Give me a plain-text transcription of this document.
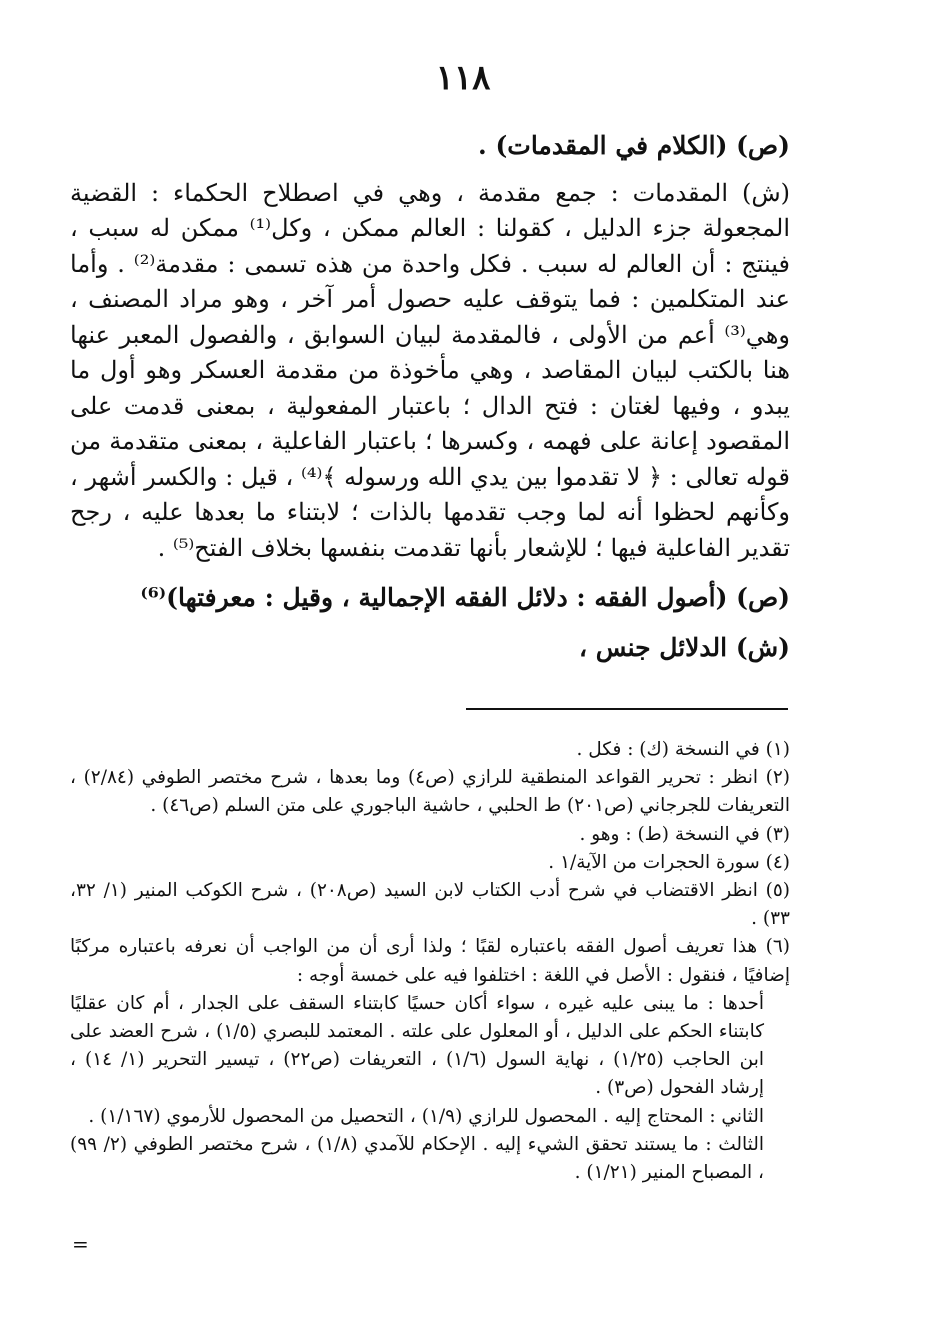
١١٨

(ص) (الكلام في المقدمات) .

(ش) المقدمات : جمع مقدمة ، وهي في اصطلاح الحكماء : القضية المجعولة جزء الدليل ، كقولنا : العالم ممكن ، وكل⁽¹⁾ ممكن له سبب ، فينتج : أن العالم له سبب . فكل واحدة من هذه تسمى : مقدمة⁽²⁾ . وأما عند المتكلمين : فما يتوقف عليه حصول أمر آخر ، وهو مراد المصنف ، وهي⁽³⁾ أعم من الأولى ، فالمقدمة لبيان السوابق ، والفصول المعبر عنها هنا بالكتب لبيان المقاصد ، وهي مأخوذة من مقدمة العسكر وهو أول ما يبدو ، وفيها لغتان : فتح الدال ؛ باعتبار المفعولية ، بمعنى قدمت على المقصود إعانة على فهمه ، وكسرها ؛ باعتبار الفاعلية ، بمعنى متقدمة من قوله تعالى : ﴿ لا تقدموا بين يدي الله ورسوله ﴾⁽⁴⁾ ، قيل : والكسر أشهر ، وكأنهم لحظوا أنه لما وجب تقدمها بالذات ؛ لابتناء ما بعدها عليه ، رجح تقدير الفاعلية فيها ؛ للإشعار بأنها تقدمت بنفسها بخلاف الفتح⁽⁵⁾ .

(ص) (أصول الفقه : دلائل الفقه الإجمالية ، وقيل : معرفتها)⁽⁶⁾

(ش) الدلائل جنس ،

(١) في النسخة (ك) : فكل .

(٢) انظر : تحرير القواعد المنطقية للرازي (ص٤) وما بعدها ، شرح مختصر الطوفي (٢/٨٤) ، التعريفات للجرجاني (ص٢٠١) ط الحلبي ، حاشية الباجوري على متن السلم (ص٤٦) .

(٣) في النسخة (ط) : وهو .

(٤) سورة الحجرات من الآية/١ .

(٥) انظر الاقتضاب في شرح أدب الكتاب لابن السيد (ص٢٠٨) ، شرح الكوكب المنير (١/ ٣٢، ٣٣) .

(٦) هذا تعريف أصول الفقه باعتباره لقبًا ؛ ولذا أرى أن من الواجب أن نعرفه باعتباره مركبًا إضافيًا ، فنقول : الأصل في اللغة : اختلفوا فيه على خمسة أوجه :

أحدها : ما يبنى عليه غيره ، سواء أكان حسيًا كابتناء السقف على الجدار ، أم كان عقليًا كابتناء الحكم على الدليل ، أو المعلول على علته . المعتمد للبصري (١/٥) ، شرح العضد على ابن الحاجب (١/٢٥) ، نهاية السول (١/٦) ، التعريفات (ص٢٢) ، تيسير التحرير (١/ ١٤) ، إرشاد الفحول (ص٣) .

الثاني : المحتاج إليه . المحصول للرازي (١/٩) ، التحصيل من المحصول للأرموي (١/١٦٧) .

الثالث : ما يستند تحقق الشيء إليه . الإحكام للآمدي (١/٨) ، شرح مختصر الطوفي (٢/ ٩٩) ، المصباح المنير (١/٢١) .

=
